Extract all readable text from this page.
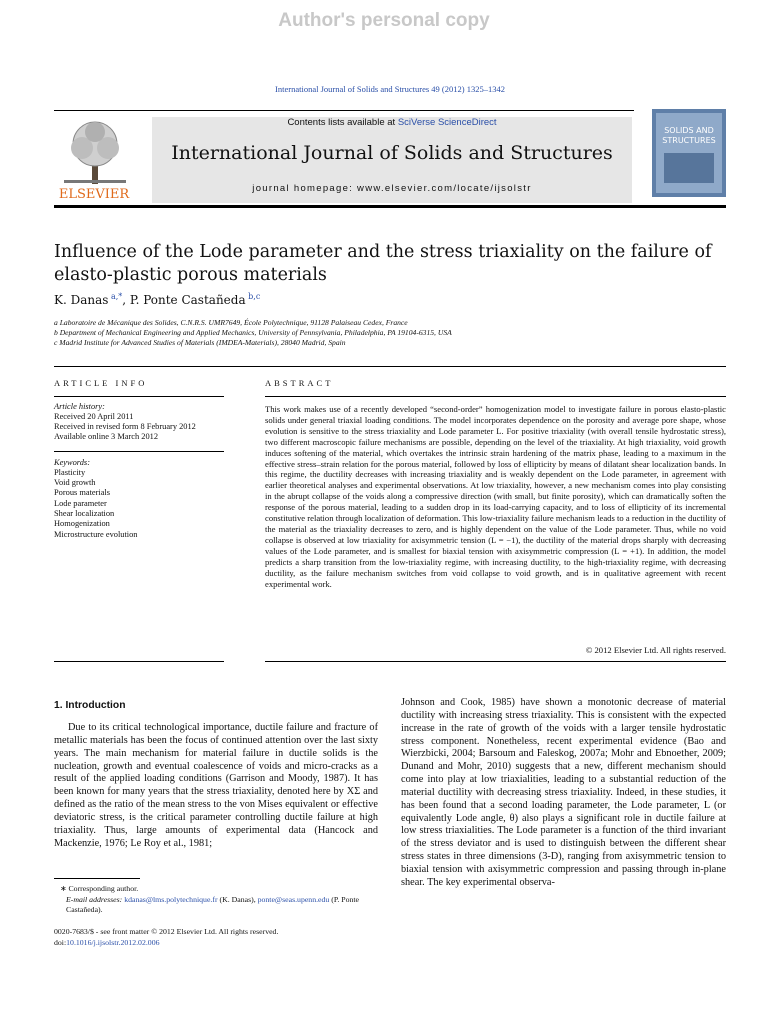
Author's personal copy
International Journal of Solids and Structures 49 (2012) 1325–1342
ELSEVIER
Contents lists available at SciVerse ScienceDirect
International Journal of Solids and Structures
journal homepage: www.elsevier.com/locate/ijsolstr
SOLIDS AND
STRUCTURES
Influence of the Lode parameter and the stress triaxiality on the failure of elasto-plastic porous materials
K. Danas $^{a,*}$, P. Ponte Castañeda $^{b,c}$
a Laboratoire de Mécanique des Solides, C.N.R.S. UMR7649, École Polytechnique, 91128 Palaiseau Cedex, France
b Department of Mechanical Engineering and Applied Mechanics, University of Pennsylvania, Philadelphia, PA 19104-6315, USA
c Madrid Institute for Advanced Studies of Materials (IMDEA-Materials), 28040 Madrid, Spain
ARTICLE INFO
Article history:
Received 20 April 2011
Received in revised form 8 February 2012
Available online 3 March 2012
Keywords:
Plasticity
Void growth
Porous materials
Lode parameter
Shear localization
Homogenization
Microstructure evolution
ABSTRACT
This work makes use of a recently developed “second-order” homogenization model to investigate failure in porous elasto-plastic solids under general triaxial loading conditions. The model incorporates dependence on the porosity and average pore shape, whose evolution is sensitive to the stress triaxiality and Lode parameter L. For positive triaxiality (with overall tensile hydrostatic stress), two different macroscopic failure mechanisms are possible, depending on the level of the triaxiality. At high triaxiality, void growth induces softening of the material, which overtakes the intrinsic strain hardening of the matrix phase, leading to a maximum in the effective stress–strain relation for the porous material, followed by loss of ellipticity by means of dilatant shear localization bands. In this regime, the ductility decreases with increasing triaxiality and is weakly dependent on the Lode parameter, in agreement with earlier theoretical analyses and experimental observations. At low triaxiality, however, a new mechanism comes into play consisting in the abrupt collapse of the voids along a compressive direction (with small, but finite porosity), which can dramatically soften the response of the porous material, leading to a sudden drop in its load-carrying capacity, and to loss of ellipticity of its incremental constitutive relation through localization of deformation. This low-triaxiality failure mechanism leads to a reduction in the ductility of the material as the triaxiality decreases to zero, and is highly dependent on the value of the Lode parameter. Thus, while no void collapse is observed at low triaxiality for axisymmetric tension (L = −1), the ductility of the material drops sharply with decreasing values of the Lode parameter, and is smallest for biaxial tension with axisymmetric compression (L = +1). In addition, the model predicts a sharp transition from the low-triaxiality regime, with increasing ductility, to the high-triaxiality regime, with decreasing ductility, as the failure mechanism switches from void collapse to void growth, and is in qualitative agreement with recent experimental work.
© 2012 Elsevier Ltd. All rights reserved.
1. Introduction
Due to its critical technological importance, ductile failure and fracture of metallic materials has been the focus of continued attention over the last sixty years. The main mechanism for material failure in ductile solids is the nucleation, growth and eventual coalescence of voids and micro-cracks as a result of the applied loading conditions (Garrison and Moody, 1987). It has been known for many years that the stress triaxiality, denoted here by XΣ and defined as the ratio of the mean stress to the von Mises equivalent or effective deviatoric stress, is the critical parameter controlling ductile failure at high triaxiality. Thus, large amounts of experimental data (Hancock and Mackenzie, 1976; Le Roy et al., 1981;
Johnson and Cook, 1985) have shown a monotonic decrease of material ductility with increasing stress triaxiality. This is consistent with the expected increase in the rate of growth of the voids with a larger tensile hydrostatic stress component. Nonetheless, recent experimental evidence (Bao and Wierzbicki, 2004; Barsoum and Faleskog, 2007a; Mohr and Ebnoether, 2009; Dunand and Mohr, 2010) suggests that a new, different mechanism should come into play at low triaxialities, leading to a substantial reduction of the material ductility with decreasing stress triaxiality. Indeed, in these studies, it has been found that a second loading parameter, the Lode parameter, L (or equivalently Lode angle, θ) also plays a significant role in ductile failure at low stress triaxialities. The Lode parameter is a function of the third invariant of the stress deviator and is used to distinguish between the different shear stress states in three dimensions (3-D), ranging from axisymmetric tension to biaxial tension with axisymmetric compression and passing through in-plane shear. The key experimental observa-
∗ Corresponding author.
E-mail addresses: kdanas@lms.polytechnique.fr (K. Danas), ponte@seas.upenn.edu (P. Ponte Castañeda).
0020-7683/$ - see front matter © 2012 Elsevier Ltd. All rights reserved.
doi:10.1016/j.ijsolstr.2012.02.006
